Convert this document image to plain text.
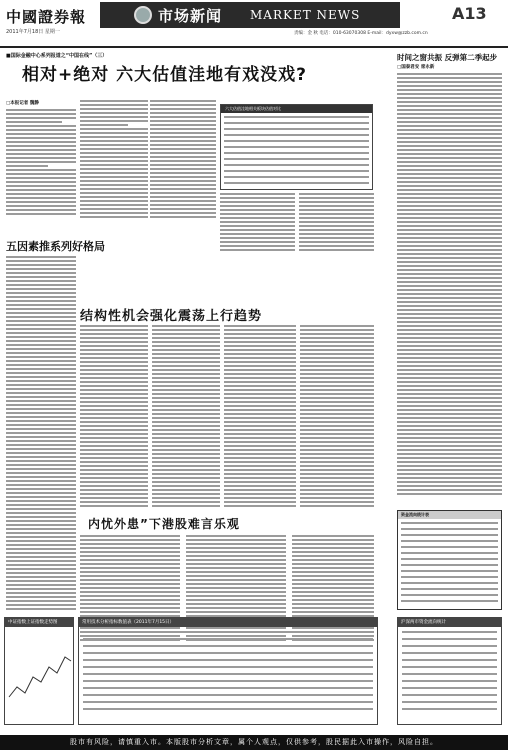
中國證券報
2011年7月18日 星期一
市场新闻 MARKET NEWS	A13
责编：金 秋 电话：010-63070308 E-mail：dyxw@zzb.com.cn
■国际金融中心系列报道之“中国在线”（三）
相对+绝对 六大估值洼地有戏没戏?
时间之窗共振 反弹第二季起步
□本报记者 魏静
六大估值洼地相关板块估值对比
□国泰君安 席永新
五因素推系列好格局
结构性机会强化震荡上行趋势
内忧外患”下港股难言乐观
资金流向统计表
中证指数上证指数走势图	常用技术分析指标数值表（2011年7月15日）	沪深两市资金流向统计
股市有风险，请慎重入市。本版股市分析文章，属个人观点，仅供参考，股民据此入市操作，风险自担。
